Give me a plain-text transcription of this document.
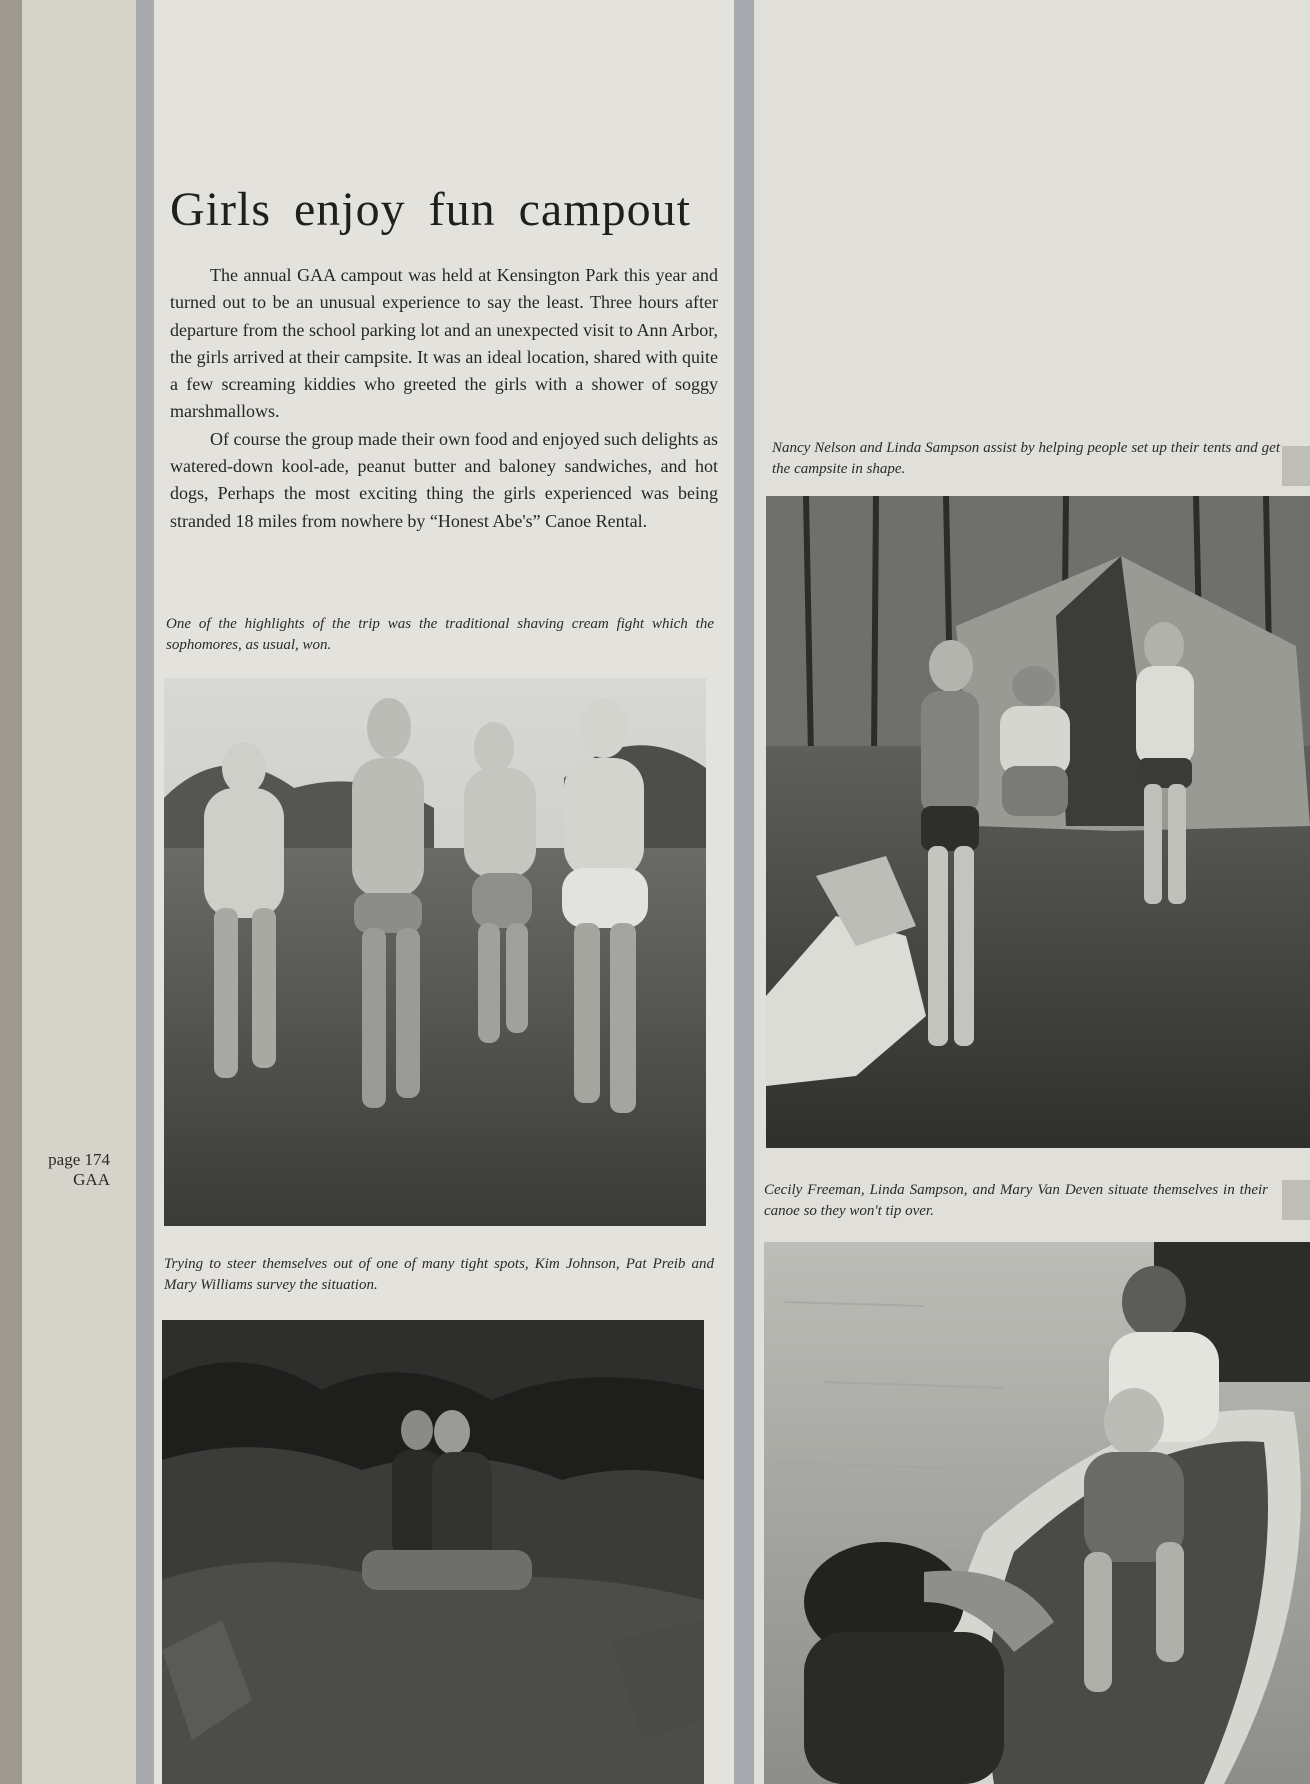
Girls enjoy fun campout

The annual GAA campout was held at Kensington Park this year and turned out to be an unusual experience to say the least. Three hours after departure from the school parking lot and an unexpected visit to Ann Arbor, the girls arrived at their campsite. It was an ideal location, shared with quite a few screaming kiddies who greeted the girls with a shower of soggy marshmallows.

Of course the group made their own food and enjoyed such delights as watered-down kool-ade, peanut butter and baloney sandwiches, and hot dogs, Perhaps the most exciting thing the girls experienced was being stranded 18 miles from nowhere by “Honest Abe's” Canoe Rental.

One of the highlights of the trip was the traditional shaving cream fight which the sophomores, as usual, won.

Trying to steer themselves out of one of many tight spots, Kim Johnson, Pat Preib and Mary Williams survey the situation.

Nancy Nelson and Linda Sampson assist by helping people set up their tents and get the campsite in shape.

Cecily Freeman, Linda Sampson, and Mary Van Deven situate themselves in their canoe so they won't tip over.

page 174
GAA
